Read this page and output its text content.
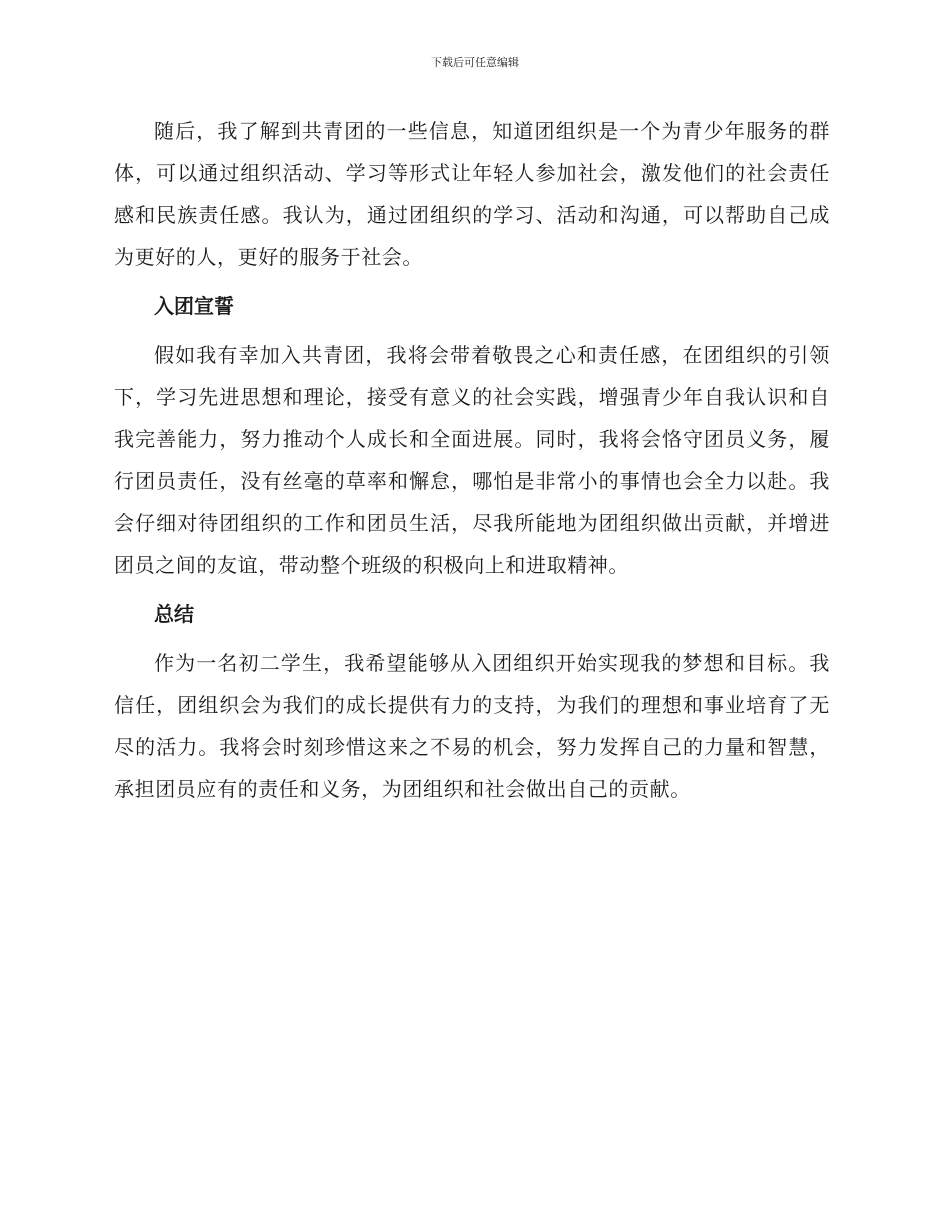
下载后可任意编辑

随后，我了解到共青团的一些信息，知道团组织是一个为青少年服务的群体，可以通过组织活动、学习等形式让年轻人参加社会，激发他们的社会责任感和民族责任感。我认为，通过团组织的学习、活动和沟通，可以帮助自己成为更好的人，更好的服务于社会。

入团宣誓

假如我有幸加入共青团，我将会带着敬畏之心和责任感，在团组织的引领下，学习先进思想和理论，接受有意义的社会实践，增强青少年自我认识和自我完善能力，努力推动个人成长和全面进展。同时，我将会恪守团员义务，履行团员责任，没有丝毫的草率和懈怠，哪怕是非常小的事情也会全力以赴。我会仔细对待团组织的工作和团员生活，尽我所能地为团组织做出贡献，并增进团员之间的友谊，带动整个班级的积极向上和进取精神。

总结

作为一名初二学生，我希望能够从入团组织开始实现我的梦想和目标。我信任，团组织会为我们的成长提供有力的支持，为我们的理想和事业培育了无尽的活力。我将会时刻珍惜这来之不易的机会，努力发挥自己的力量和智慧，承担团员应有的责任和义务，为团组织和社会做出自己的贡献。
